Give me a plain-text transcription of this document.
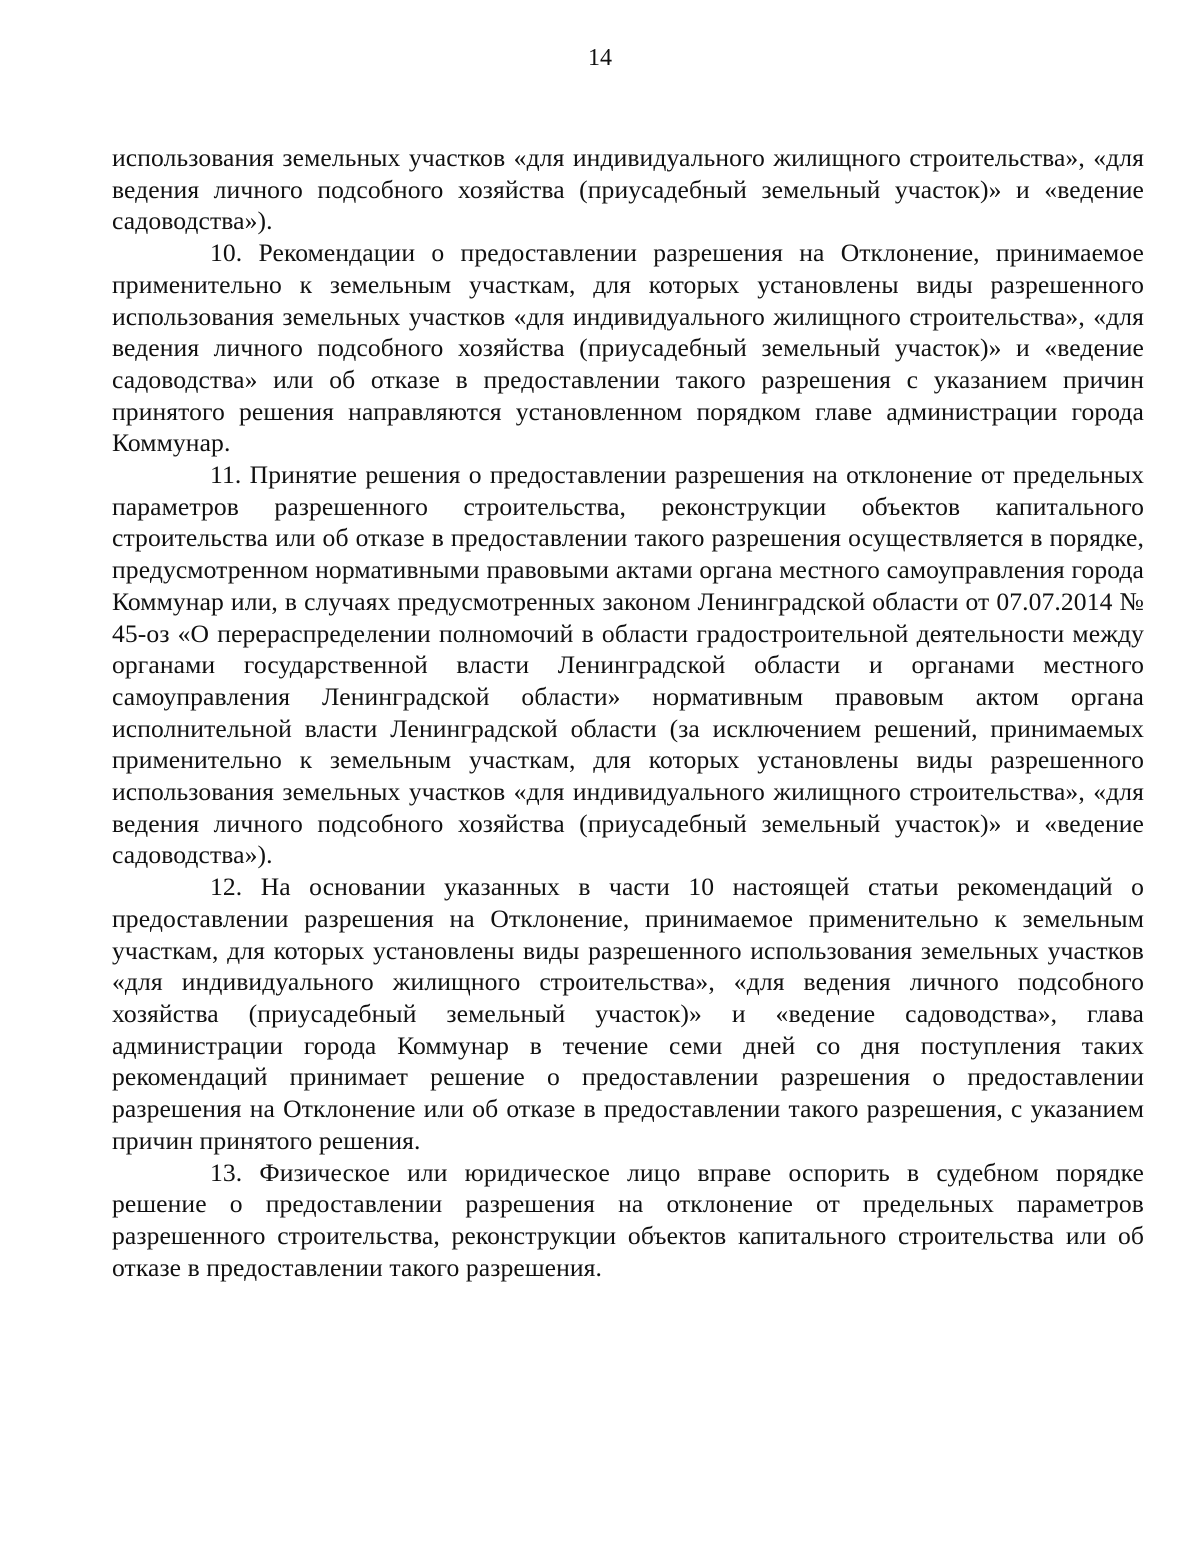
14

использования земельных участков «для индивидуального жилищного строительства», «для ведения личного подсобного хозяйства (приусадебный земельный участок)» и «ведение садоводства»).

10. Рекомендации о предоставлении разрешения на Отклонение, принимаемое применительно к земельным участкам, для которых установлены виды разрешенного использования земельных участков «для индивидуального жилищного строительства», «для ведения личного подсобного хозяйства (приусадебный земельный участок)» и «ведение садоводства» или об отказе в предоставлении такого разрешения с указанием причин принятого решения направляются установленном порядком главе администрации города Коммунар.

11. Принятие решения о предоставлении разрешения на отклонение от предельных параметров разрешенного строительства, реконструкции объектов капитального строительства или об отказе в предоставлении такого разрешения осуществляется в порядке, предусмотренном нормативными правовыми актами органа местного самоуправления города Коммунар или, в случаях предусмотренных законом Ленинградской области от 07.07.2014 № 45-оз «О перераспределении полномочий в области градостроительной деятельности между органами государственной власти Ленинградской области и органами местного самоуправления Ленинградской области» нормативным правовым актом органа исполнительной власти Ленинградской области (за исключением решений, принимаемых применительно к земельным участкам, для которых установлены виды разрешенного использования земельных участков «для индивидуального жилищного строительства», «для ведения личного подсобного хозяйства (приусадебный земельный участок)» и «ведение садоводства»).

12. На основании указанных в части 10 настоящей статьи рекомендаций о предоставлении разрешения на Отклонение, принимаемое применительно к земельным участкам, для которых установлены виды разрешенного использования земельных участков «для индивидуального жилищного строительства», «для ведения личного подсобного хозяйства (приусадебный земельный участок)» и «ведение садоводства», глава администрации города Коммунар в течение семи дней со дня поступления таких рекомендаций принимает решение о предоставлении разрешения о предоставлении разрешения на Отклонение или об отказе в предоставлении такого разрешения, с указанием причин принятого решения.

13. Физическое или юридическое лицо вправе оспорить в судебном порядке решение о предоставлении разрешения на отклонение от предельных параметров разрешенного строительства, реконструкции объектов капитального строительства или об отказе в предоставлении такого разрешения.
